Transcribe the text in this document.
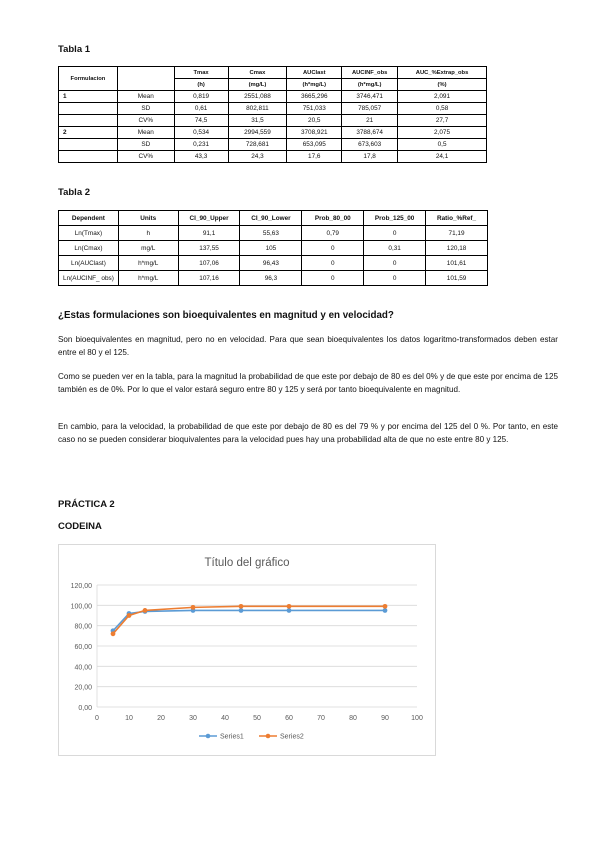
Tabla 1
Formulacion		Tmax	Cmax	AUClast	AUCINF_obs	AUC_%Extrap_obs
		(h)	(mg/L)	(h*mg/L)	(h*mg/L)	(%)
1	Mean	0,819	2551,088	3665,296	3746,471	2,091
	SD	0,61	802,811	751,033	785,057	0,58
	CV%	74,5	31,5	20,5	21	27,7
2	Mean	0,534	2994,559	3708,921	3788,674	2,075
	SD	0,231	728,681	653,095	673,603	0,5
	CV%	43,3	24,3	17,6	17,8	24,1
Tabla 2
Dependent	Units	CI_90_Upper	CI_90_Lower	Prob_80_00	Prob_125_00	Ratio_%Ref_
Ln(Tmax)	h	91,1	55,63	0,79	0	71,19
Ln(Cmax)	mg/L	137,55	105	0	0,31	120,18
Ln(AUClast)	h*mg/L	107,06	96,43	0	0	101,61
Ln(AUCINF_ obs)	h*mg/L	107,16	96,3	0	0	101,59
¿Estas formulaciones son bioequivalentes en magnitud y en velocidad?
Son bioequivalentes en magnitud, pero no en velocidad. Para que sean bioequivalentes los datos logaritmo-transformados deben estar entre el 80 y el 125.
Como se pueden ver en la tabla, para la magnitud la probabilidad de que este por debajo de 80 es del 0% y de que este por encima de 125 también es de 0%. Por lo que el valor estará seguro entre 80 y 125 y será por tanto bioequivalente en magnitud.
En cambio, para la velocidad, la probabilidad de que este por debajo de 80 es del 79 % y por encima del 125 del 0 %. Por tanto, en este caso no se pueden considerar bioquivalentes para la velocidad pues hay una probabilidad alta de que no este entre 80 y 125.
PRÁCTICA 2
CODEINA
Título del gráfico
0,00
20,00
40,00
60,00
80,00
100,00
120,00
0	10	20	30	40	50	60	70	80	90	100
Series1	Series2
